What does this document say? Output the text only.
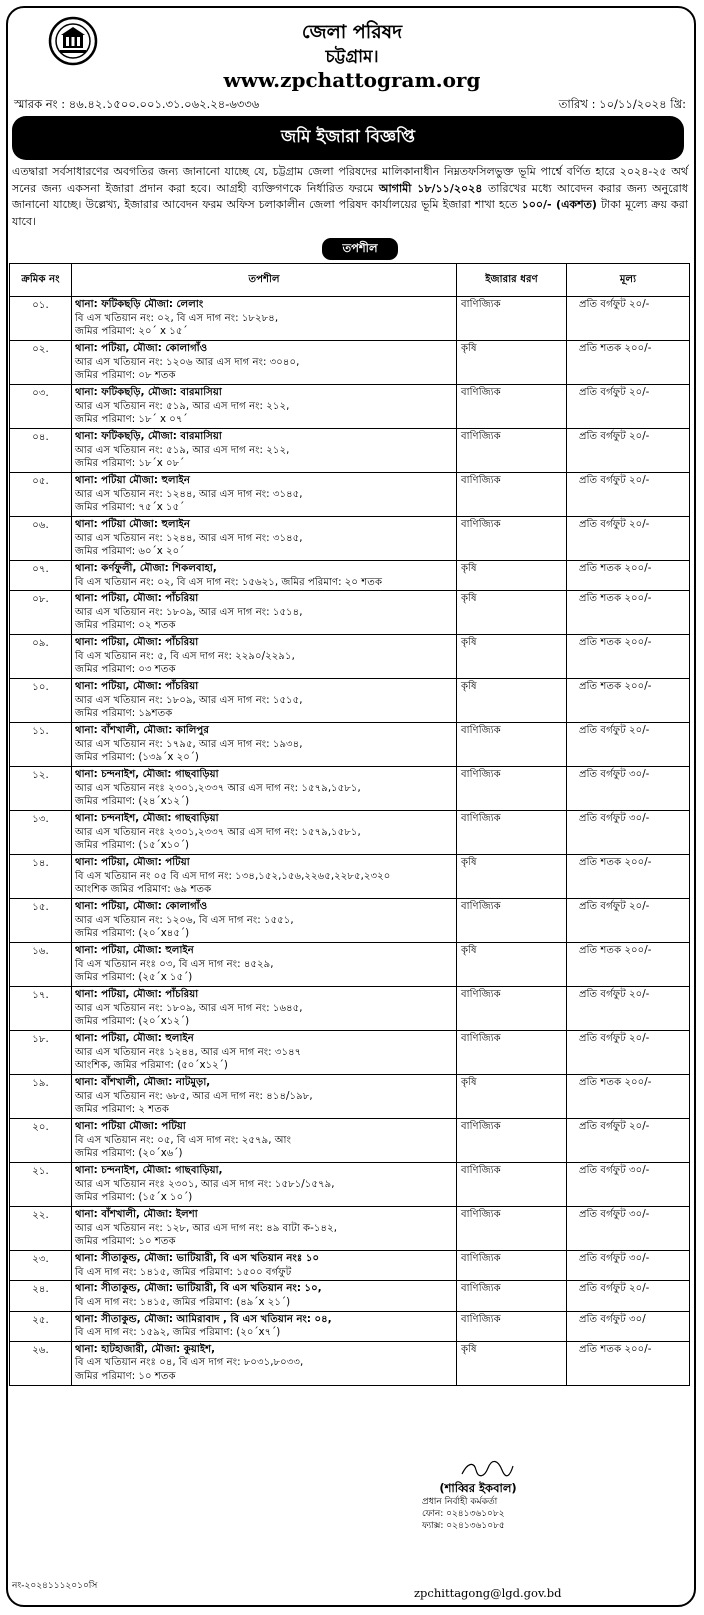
জেলা পরিষদ
চট্টগ্রাম।
www.zpchattogram.org
স্মারক নং : ৪৬.৪২.১৫০০.০০১.৩১.০৬২.২৪-৬৩৩৬	তারিখ : ১০/১১/২০২৪ খ্রি:
জমি ইজারা বিজ্ঞপ্তি
এতদ্বারা সর্বসাধারণের অবগতির জন্য জানানো যাচ্ছে যে, চট্টগ্রাম জেলা পরিষদের মালিকানাধীন নিম্নতফসিলভুক্ত ভূমি পার্শ্বে বর্ণিত হারে ২০২৪-২৫ অর্থ সনের জন্য একসনা ইজারা প্রদান করা হবে। আগ্রহী ব্যক্তিগণকে নির্ধারিত ফরমে আগামী ১৮/১১/২০২৪ তারিখের মধ্যে আবেদন করার জন্য অনুরোধ জানানো যাচ্ছে। উল্লেখ্য, ইজারার আবেদন ফরম অফিস চলাকালীন জেলা পরিষদ কার্যালয়ের ভূমি ইজারা শাখা হতে ১০০/- (একশত) টাকা মূল্যে ক্রয় করা যাবে।
তপশীল
ক্রমিক নং	তপশীল	ইজারার ধরণ	মূল্য
০১.	থানা: ফটিকছড়ি মৌজা: লেলাং
বি এস খতিয়ান নং: ০২, বি এস দাগ নং: ১৮২৮৪,
জমির পরিমাণ: ২০´ x ১৫´	বাণিজ্যিক	প্রতি বর্গফুট ২০/-
০২.	থানা: পটিয়া, মৌজা: কোলাগাঁও
আর এস খতিয়ান নং: ১২০৬ আর এস দাগ নং: ৩০৪০,
জমির পরিমাণ: ০৮ শতক	কৃষি	প্রতি শতক ২০০/-
০৩.	থানা: ফটিকছড়ি, মৌজা: বারমাসিয়া
আর এস খতিয়ান নং: ৫১৯, আর এস দাগ নং: ২১২,
জমির পরিমাণ: ১৮´ x ০৭´	বাণিজ্যিক	প্রতি বর্গফুট ২০/-
০৪.	থানা: ফটিকছড়ি, মৌজা: বারমাসিয়া
আর এস খতিয়ান নং: ৫১৯, আর এস দাগ নং: ২১২,
জমির পরিমাণ: ১৮´x ০৮´	বাণিজ্যিক	প্রতি বর্গফুট ২০/-
০৫.	থানা: পটিয়া মৌজা: হুলাইন
আর এস খতিয়ান নং: ১২৪৪, আর এস দাগ নং: ৩১৪৫,
জমির পরিমাণ: ৭৫´x ১৫´	বাণিজ্যিক	প্রতি বর্গফুট ২০/-
০৬.	থানা: পটিয়া মৌজা: হুলাইন
আর এস খতিয়ান নং: ১২৪৪, আর এস দাগ নং: ৩১৪৫,
জমির পরিমাণ: ৬০´x ২০´	বাণিজ্যিক	প্রতি বর্গফুট ২০/-
০৭.	থানা: কর্ণফুলী, মৌজা: শিকলবাহা,
বি এস খতিয়ান নং: ০২, বি এস দাগ নং: ১৫৬২১, জমির পরিমাণ: ২০ শতক	কৃষি	প্রতি শতক ২০০/-
০৮.	থানা: পটিয়া, মৌজা: পাঁচরিয়া
আর এস খতিয়ান নং: ১৮০৯, আর এস দাগ নং: ১৫১৪,
জমির পরিমাণ: ০২ শতক	কৃষি	প্রতি শতক ২০০/-
০৯.	থানা: পটিয়া, মৌজা: পাঁচরিয়া
বি এস খতিয়ান নং: ৫, বি এস দাগ নং: ২২৯০/২২৯১,
জমির পরিমাণ: ০৩ শতক	কৃষি	প্রতি শতক ২০০/-
১০.	থানা: পটিয়া, মৌজা: পাঁচরিয়া
আর এস খতিয়ান নং: ১৮০৯, আর এস দাগ নং: ১৫১৫,
জমির পরিমাণ: ১৯শতক	কৃষি	প্রতি শতক ২০০/-
১১.	থানা: বাঁশখালী, মৌজা: কালিপুর
আর এস খতিয়ান নং: ১৭৯৫, আর এস দাগ নং: ১৯৩৪,
জমির পরিমাণ: (১৩৯´x ২০´)	বাণিজ্যিক	প্রতি বর্গফুট ২০/-
১২.	থানা: চন্দনাইশ, মৌজা: গাছবাড়িয়া
আর এস খতিয়ান নংঃ ২৩০১,২৩৩৭ আর এস দাগ নং: ১৫৭৯,১৫৮১,
জমির পরিমাণ: (২৪´x১২´)	বাণিজ্যিক	প্রতি বর্গফুট ৩০/-
১৩.	থানা: চন্দনাইশ, মৌজা: গাছবাড়িয়া
আর এস খতিয়ান নংঃ ২৩০১,২৩৩৭ আর এস দাগ নং: ১৫৭৯,১৫৮১,
জমির পরিমাণ: (১৫´x১০´)	বাণিজ্যিক	প্রতি বর্গফুট ৩০/-
১৪.	থানা: পটিয়া, মৌজা: পটিয়া
বি এস খতিয়ান নং ০৫ বি এস দাগ নং: ১৩৪,১৫২,১৫৬,২২৬৫,২২৮৫,২৩২০
আংশিক জমির পরিমাণ: ৬৯ শতক	কৃষি	প্রতি শতক ২০০/-
১৫.	থানা: পটিয়া, মৌজা: কোলাগাঁও
আর এস খতিয়ান নং: ১২০৬, বি এস দাগ নং: ১৫৫১,
জমির পরিমাণ: (২০´x৪৫´)	বাণিজ্যিক	প্রতি বর্গফুট ২০/-
১৬.	থানা: পটিয়া, মৌজা: হুলাইন
বি এস খতিয়ান নংঃ ০৩, বি এস দাগ নং: ৪৫২৯,
জমির পরিমাণ: (২৫´x ১৫´)	কৃষি	প্রতি শতক ২০০/-
১৭.	থানা: পটিয়া, মৌজা: পাঁচরিয়া
আর এস খতিয়ান নং: ১৮০৯, আর এস দাগ নং: ১৬৪৫,
জমির পরিমাণ: (২০´x১২´)	বাণিজ্যিক	প্রতি বর্গফুট ২০/-
১৮.	থানা: পটিয়া, মৌজা: হুলাইন
আর এস খতিয়ান নংঃ ১২৪৪, আর এস দাগ নং: ৩১৪৭
আংশিক, জমির পরিমাণ: (৫০´x১২´)	বাণিজ্যিক	প্রতি বর্গফুট ২০/-
১৯.	থানা: বাঁশখালী, মৌজা: নাটমুড়া,
আর এস খতিয়ান নং: ৬৮৫, আর এস দাগ নং: ৪১৪/১৯৮,
জমির পরিমাণ: ২ শতক	কৃষি	প্রতি শতক ২০০/-
২০.	থানা: পটিয়া মৌজা: পটিয়া
বি এস খতিয়ান নং: ০৫, বি এস দাগ নং: ২৫৭৯, আং
জমির পরিমাণ: (২০´x৬´)	বাণিজ্যিক	প্রতি বর্গফুট ২০/-
২১.	থানা: চন্দনাইশ, মৌজা: গাছবাড়িয়া,
আর এস খতিয়ান নংঃ ২৩০১, আর এস দাগ নং: ১৫৮১/১৫৭৯,
জমির পরিমাণ: (১৫´x ১০´)	বাণিজ্যিক	প্রতি বর্গফুট ৩০/-
২২.	থানা: বাঁশখালী, মৌজা: ইলশা
আর এস খতিয়ান নং: ১২৮, আর এস দাগ নং: ৪৯ বাটা ক-১৪২,
জমির পরিমাণ: ১০ শতক	বাণিজ্যিক	প্রতি বর্গফুট ৩০/-
২৩.	থানা: সীতাকুন্ড, মৌজা: ভাটিয়ারী, বি এস খতিয়ান নংঃ ১০
বি এস দাগ নং: ১৪১৫, জমির পরিমাণ: ১৫০০ বর্গফুট	বাণিজ্যিক	প্রতি বর্গফুট ৩০/-
২৪.	থানা: সীতাকুন্ড, মৌজা: ভাটিয়ারী, বি এস খতিয়ান নং: ১০,
বি এস দাগ নং: ১৪১৫, জমির পরিমাণ: (৪৯´x ২১´)	বাণিজ্যিক	প্রতি বর্গফুট ২০/-
২৫.	থানা: সীতাকুন্ড, মৌজা: আমিরাবাদ , বি এস খতিয়ান নং: ০৪,
বি এস দাগ নং: ১৫৯২, জমির পরিমাণ: (২০´x৭´)	বাণিজ্যিক	প্রতি বর্গফুট ৩০/
২৬.	থানা: হাটহাজারী, মৌজা: কুয়াইশ,
বি এস খতিয়ান নংঃ ০৪, বি এস দাগ নং: ৮০৩১,৮০৩৩,
জমির পরিমাণ: ১০ শতক	কৃষি	প্রতি শতক ২০০/-
(শাব্বির ইকবাল)
প্রধান নির্বাহী কর্মকর্তা
ফোন: ০২৪১৩৬১০৮২
ফ্যাক্স: ০২৪১৩৬১০৮৫
zpchittagong@lgd.gov.bd
নং-২০২৪১১১২০১০সি
